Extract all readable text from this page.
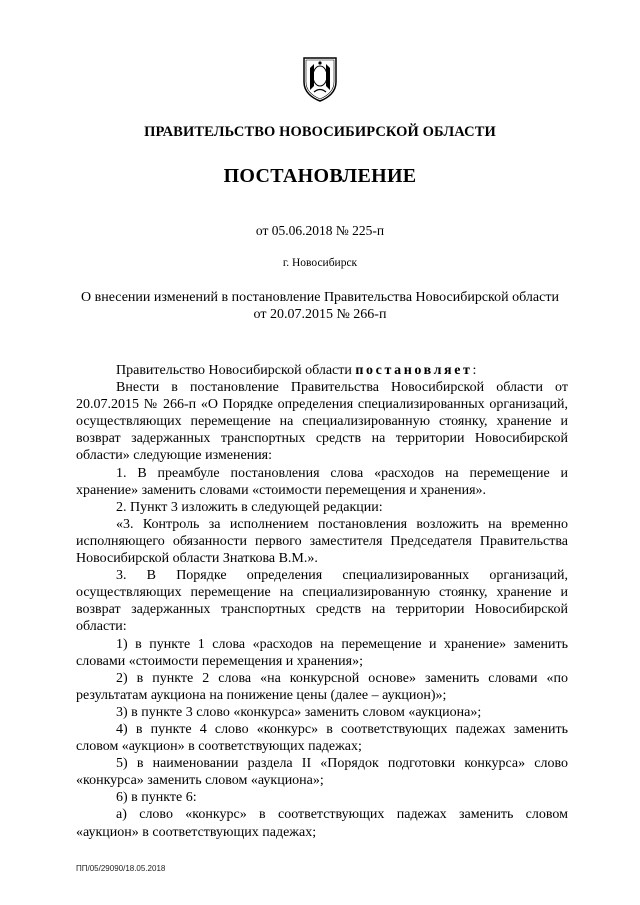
ПРАВИТЕЛЬСТВО НОВОСИБИРСКОЙ ОБЛАСТИ
ПОСТАНОВЛЕНИЕ
от 05.06.2018 № 225-п
г. Новосибирск
О внесении изменений в постановление Правительства Новосибирской области
от 20.07.2015 № 266-п

Правительство Новосибирской области постановляет:

Внести в постановление Правительства Новосибирской области от 20.07.2015 № 266-п «О Порядке определения специализированных организаций, осуществляющих перемещение на специализированную стоянку, хранение и возврат задержанных транспортных средств на территории Новосибирской области» следующие изменения:

1. В преамбуле постановления слова «расходов на перемещение и хранение» заменить словами «стоимости перемещения и хранения».

2. Пункт 3 изложить в следующей редакции:

«3. Контроль за исполнением постановления возложить на временно исполняющего обязанности первого заместителя Председателя Правительства Новосибирской области Знаткова В.М.».

3. В Порядке определения специализированных организаций, осуществляющих перемещение на специализированную стоянку, хранение и возврат задержанных транспортных средств на территории Новосибирской области:

1) в пункте 1 слова «расходов на перемещение и хранение» заменить словами «стоимости перемещения и хранения»;

2) в пункте 2 слова «на конкурсной основе» заменить словами «по результатам аукциона на понижение цены (далее – аукцион)»;

3) в пункте 3 слово «конкурса» заменить словом «аукциона»;

4) в пункте 4 слово «конкурс» в соответствующих падежах заменить словом «аукцион» в соответствующих падежах;

5) в наименовании раздела II «Порядок подготовки конкурса» слово «конкурса» заменить словом «аукциона»;

6) в пункте 6:

а) слово «конкурс» в соответствующих падежах заменить словом «аукцион» в соответствующих падежах;

ПП/05/29090/18.05.2018
